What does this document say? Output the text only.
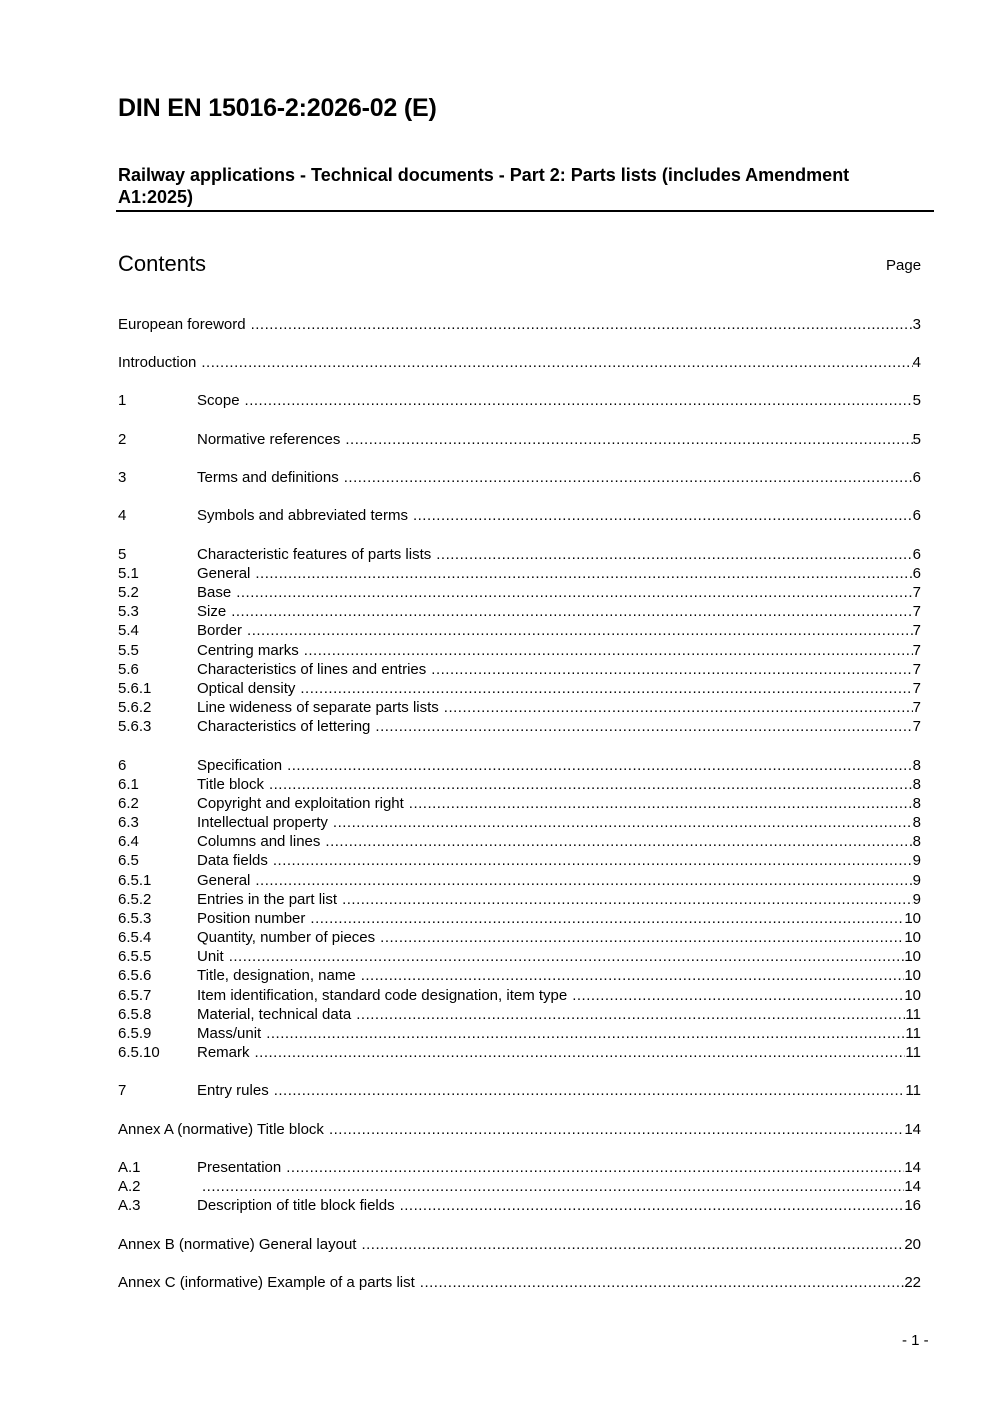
DIN EN 15016-2:2026-02 (E)
Railway applications - Technical documents - Part 2: Parts lists (includes Amendment A1:2025)
Contents	Page
European foreword .....	3
Introduction .....	4
1	Scope .....	5
2	Normative references .....	5
3	Terms and definitions .....	6
4	Symbols and abbreviated terms .....	6
5	Characteristic features of parts lists .....	6
5.1	General .....	6
5.2	Base .....	7
5.3	Size .....	7
5.4	Border .....	7
5.5	Centring marks .....	7
5.6	Characteristics of lines and entries .....	7
5.6.1	Optical density .....	7
5.6.2	Line wideness of separate parts lists .....	7
5.6.3	Characteristics of lettering .....	7
6	Specification .....	8
6.1	Title block .....	8
6.2	Copyright and exploitation right .....	8
6.3	Intellectual property .....	8
6.4	Columns and lines .....	8
6.5	Data fields .....	9
6.5.1	General .....	9
6.5.2	Entries in the part list .....	9
6.5.3	Position number .....	10
6.5.4	Quantity, number of pieces .....	10
6.5.5	Unit .....	10
6.5.6	Title, designation, name .....	10
6.5.7	Item identification, standard code designation, item type .....	10
6.5.8	Material, technical data .....	11
6.5.9	Mass/unit .....	11
6.5.10	Remark .....	11
7	Entry rules .....	11
Annex A (normative) Title block .....	14
A.1	Presentation .....	14
A.2 .....	14
A.3	Description of title block fields .....	16
Annex B (normative) General layout .....	20
Annex C (informative) Example of a parts list .....	22
- 1 -
